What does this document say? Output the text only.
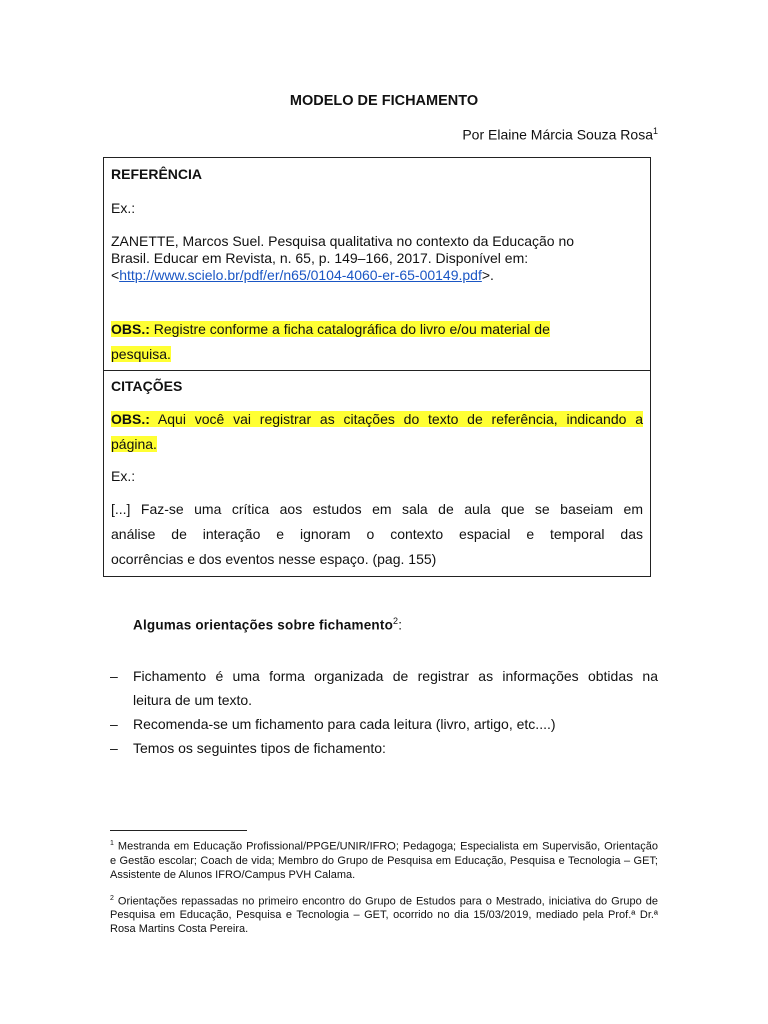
MODELO DE FICHAMENTO
Por Elaine Márcia Souza Rosa$^1$
REFERÊNCIA
Ex.:
ZANETTE, Marcos Suel. Pesquisa qualitativa no contexto da Educação no
Brasil. Educar em Revista, n. 65, p. 149–166, 2017. Disponível em:
<http://www.scielo.br/pdf/er/n65/0104-4060-er-65-00149.pdf>.
OBS.: Registre conforme a ficha catalográfica do livro e/ou material de
pesquisa.
CITAÇÕES
OBS.: Aqui você vai registrar as citações do texto de referência, indicando a
página.
Ex.:
[...] Faz-se uma crítica aos estudos em sala de aula que se baseiam em
análise de interação e ignoram o contexto espacial e temporal das
ocorrências e dos eventos nesse espaço. (pag. 155)
Algumas orientações sobre fichamento$^2$:
– Fichamento é uma forma organizada de registrar as informações obtidas na
leitura de um texto.
– Recomenda-se um fichamento para cada leitura (livro, artigo, etc....)
– Temos os seguintes tipos de fichamento:
$^1$ Mestranda em Educação Profissional/PPGE/UNIR/IFRO; Pedagoga; Especialista em Supervisão, Orientação e Gestão escolar; Coach de vida; Membro do Grupo de Pesquisa em Educação, Pesquisa e Tecnologia – GET; Assistente de Alunos IFRO/Campus PVH Calama.
$^2$ Orientações repassadas no primeiro encontro do Grupo de Estudos para o Mestrado, iniciativa do Grupo de Pesquisa em Educação, Pesquisa e Tecnologia – GET, ocorrido no dia 15/03/2019, mediado pela Prof.ª Dr.ª Rosa Martins Costa Pereira.
